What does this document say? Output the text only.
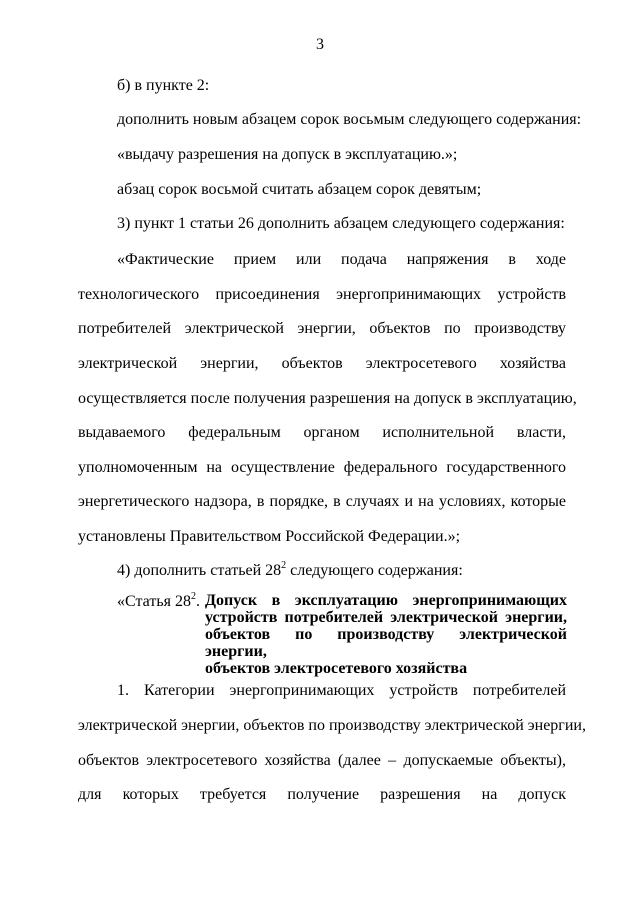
3
б) в пункте 2:
дополнить новым абзацем сорок восьмым следующего содержания:
«выдачу разрешения на допуск в эксплуатацию.»;
абзац сорок восьмой считать абзацем сорок девятым;
3) пункт 1 статьи 26 дополнить абзацем следующего содержания:
«Фактические прием или подача напряжения в ходе
технологического присоединения энергопринимающих устройств
потребителей электрической энергии, объектов по производству
электрической энергии, объектов электросетевого хозяйства
осуществляется после получения разрешения на допуск в эксплуатацию,
выдаваемого федеральным органом исполнительной власти,
уполномоченным на осуществление федерального государственного
энергетического надзора, в порядке, в случаях и на условиях, которые
установлены Правительством Российской Федерации.»;
4) дополнить статьей $28^2$ следующего содержания:
«Статья $28^2$. Допуск в эксплуатацию энергопринимающих
устройств потребителей электрической энергии,
объектов по производству электрической энергии,
объектов электросетевого хозяйства
1. Категории энергопринимающих устройств потребителей
электрической энергии, объектов по производству электрической энергии,
объектов электросетевого хозяйства (далее – допускаемые объекты),
для которых требуется получение разрешения на допуск
